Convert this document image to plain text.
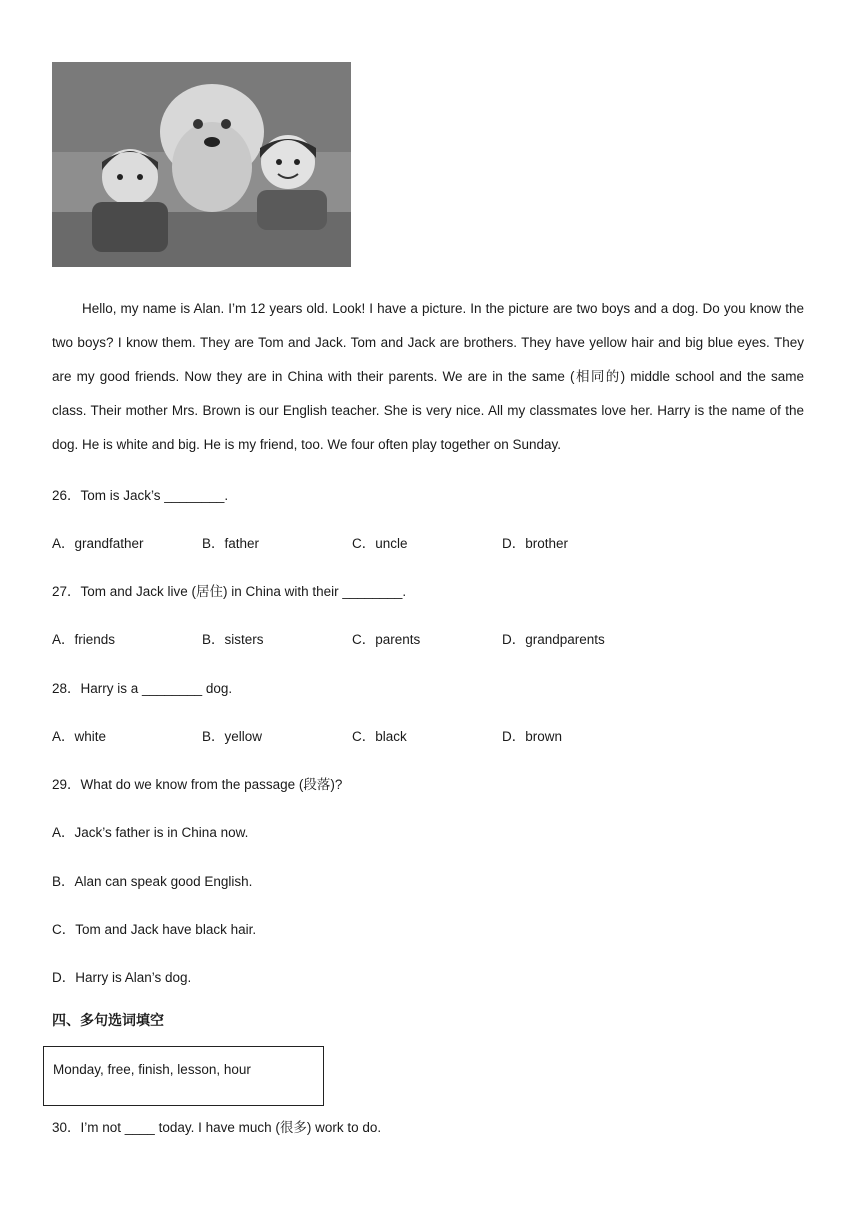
Hello, my name is Alan. I’m 12 years old. Look! I have a picture. In the picture are two boys and a dog. Do you know the two boys? I know them. They are Tom and Jack. Tom and Jack are brothers. They have yellow hair and big blue eyes. They are my good friends. Now they are in China with their parents. We are in the same (相同的) middle school and the same class. Their mother Mrs. Brown is our English teacher. She is very nice. All my classmates love her. Harry is the name of the dog. He is white and big. He is my friend, too. We four often play together on Sunday.

26．Tom is Jack’s ________.

A．grandfather	B．father	C．uncle	D．brother

27．Tom and Jack live (居住) in China with their ________.

A．friends	B．sisters	C．parents	D．grandparents

28．Harry is a ________ dog.

A．white	B．yellow	C．black	D．brown

29．What do we know from the passage (段落)?

A．Jack’s father is in China now.
B．Alan can speak good English.
C．Tom and Jack have black hair.
D．Harry is Alan’s dog.
四、多句选词填空
Monday, free, finish, lesson, hour
30．I’m not ____ today. I have much (很多) work to do.
